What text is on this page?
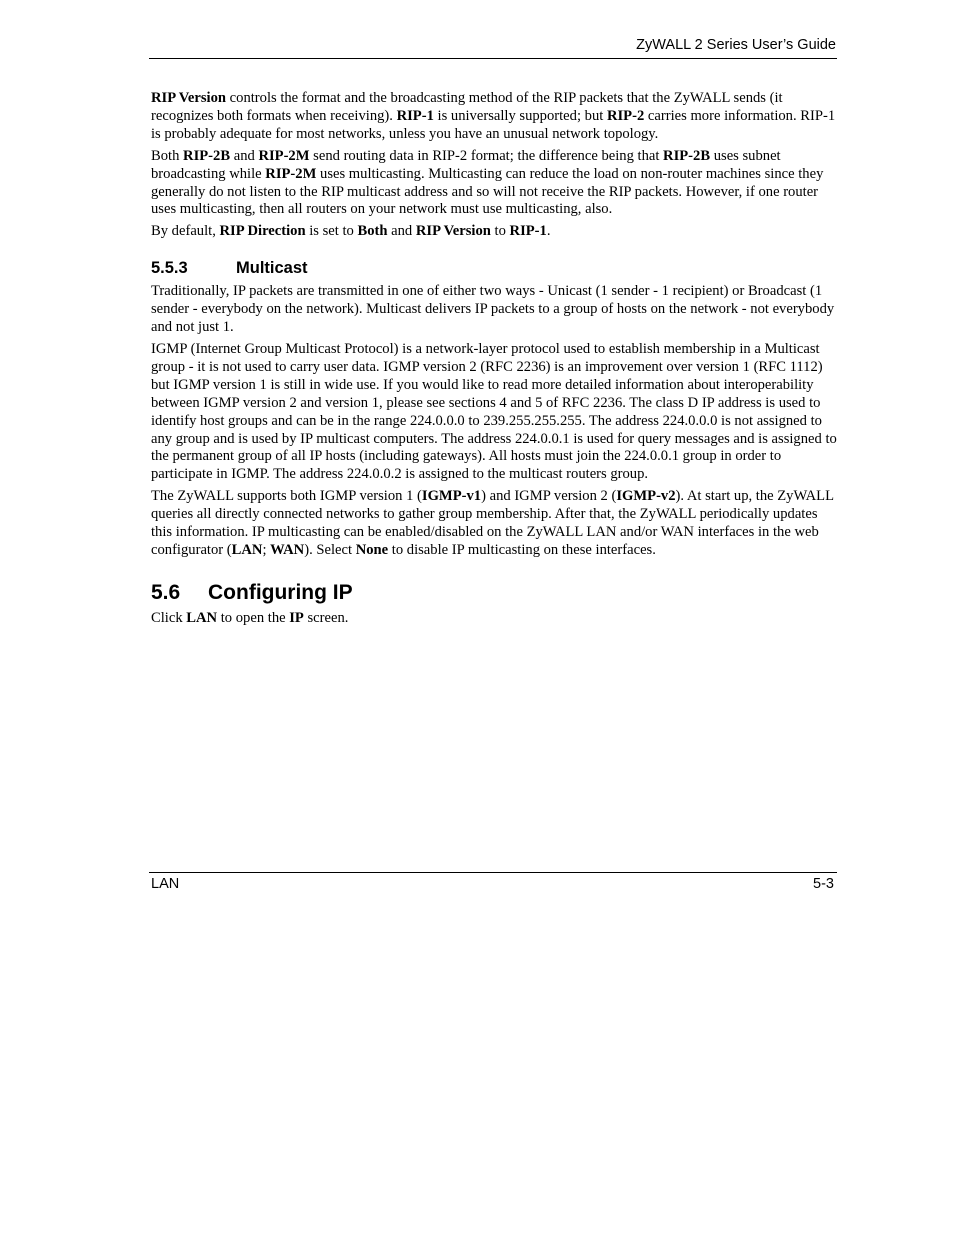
ZyWALL 2 Series User’s Guide

RIP Version controls the format and the broadcasting method of the RIP packets that the ZyWALL sends (it recognizes both formats when receiving). RIP-1 is universally supported; but RIP-2 carries more information. RIP-1 is probably adequate for most networks, unless you have an unusual network topology.

Both RIP-2B and RIP-2M send routing data in RIP-2 format; the difference being that RIP-2B uses subnet broadcasting while RIP-2M uses multicasting. Multicasting can reduce the load on non-router machines since they generally do not listen to the RIP multicast address and so will not receive the RIP packets. However, if one router uses multicasting, then all routers on your network must use multicasting, also.

By default, RIP Direction is set to Both and RIP Version to RIP-1.

5.5.3	Multicast

Traditionally, IP packets are transmitted in one of either two ways - Unicast (1 sender - 1 recipient) or Broadcast (1 sender - everybody on the network). Multicast delivers IP packets to a group of hosts on the network - not everybody and not just 1.

IGMP (Internet Group Multicast Protocol) is a network-layer protocol used to establish membership in a Multicast group - it is not used to carry user data. IGMP version 2 (RFC 2236) is an improvement over version 1 (RFC 1112) but IGMP version 1 is still in wide use. If you would like to read more detailed information about interoperability between IGMP version 2 and version 1, please see sections 4 and 5 of RFC 2236. The class D IP address is used to identify host groups and can be in the range 224.0.0.0 to 239.255.255.255. The address 224.0.0.0 is not assigned to any group and is used by IP multicast computers. The address 224.0.0.1 is used for query messages and is assigned to the permanent group of all IP hosts (including gateways). All hosts must join the 224.0.0.1 group in order to participate in IGMP. The address 224.0.0.2 is assigned to the multicast routers group.

The ZyWALL supports both IGMP version 1 (IGMP-v1) and IGMP version 2 (IGMP-v2). At start up, the ZyWALL queries all directly connected networks to gather group membership. After that, the ZyWALL periodically updates this information. IP multicasting can be enabled/disabled on the ZyWALL LAN and/or WAN interfaces in the web configurator (LAN; WAN). Select None to disable IP multicasting on these interfaces.

5.6 Configuring IP

Click LAN to open the IP screen.

LAN	5-3
